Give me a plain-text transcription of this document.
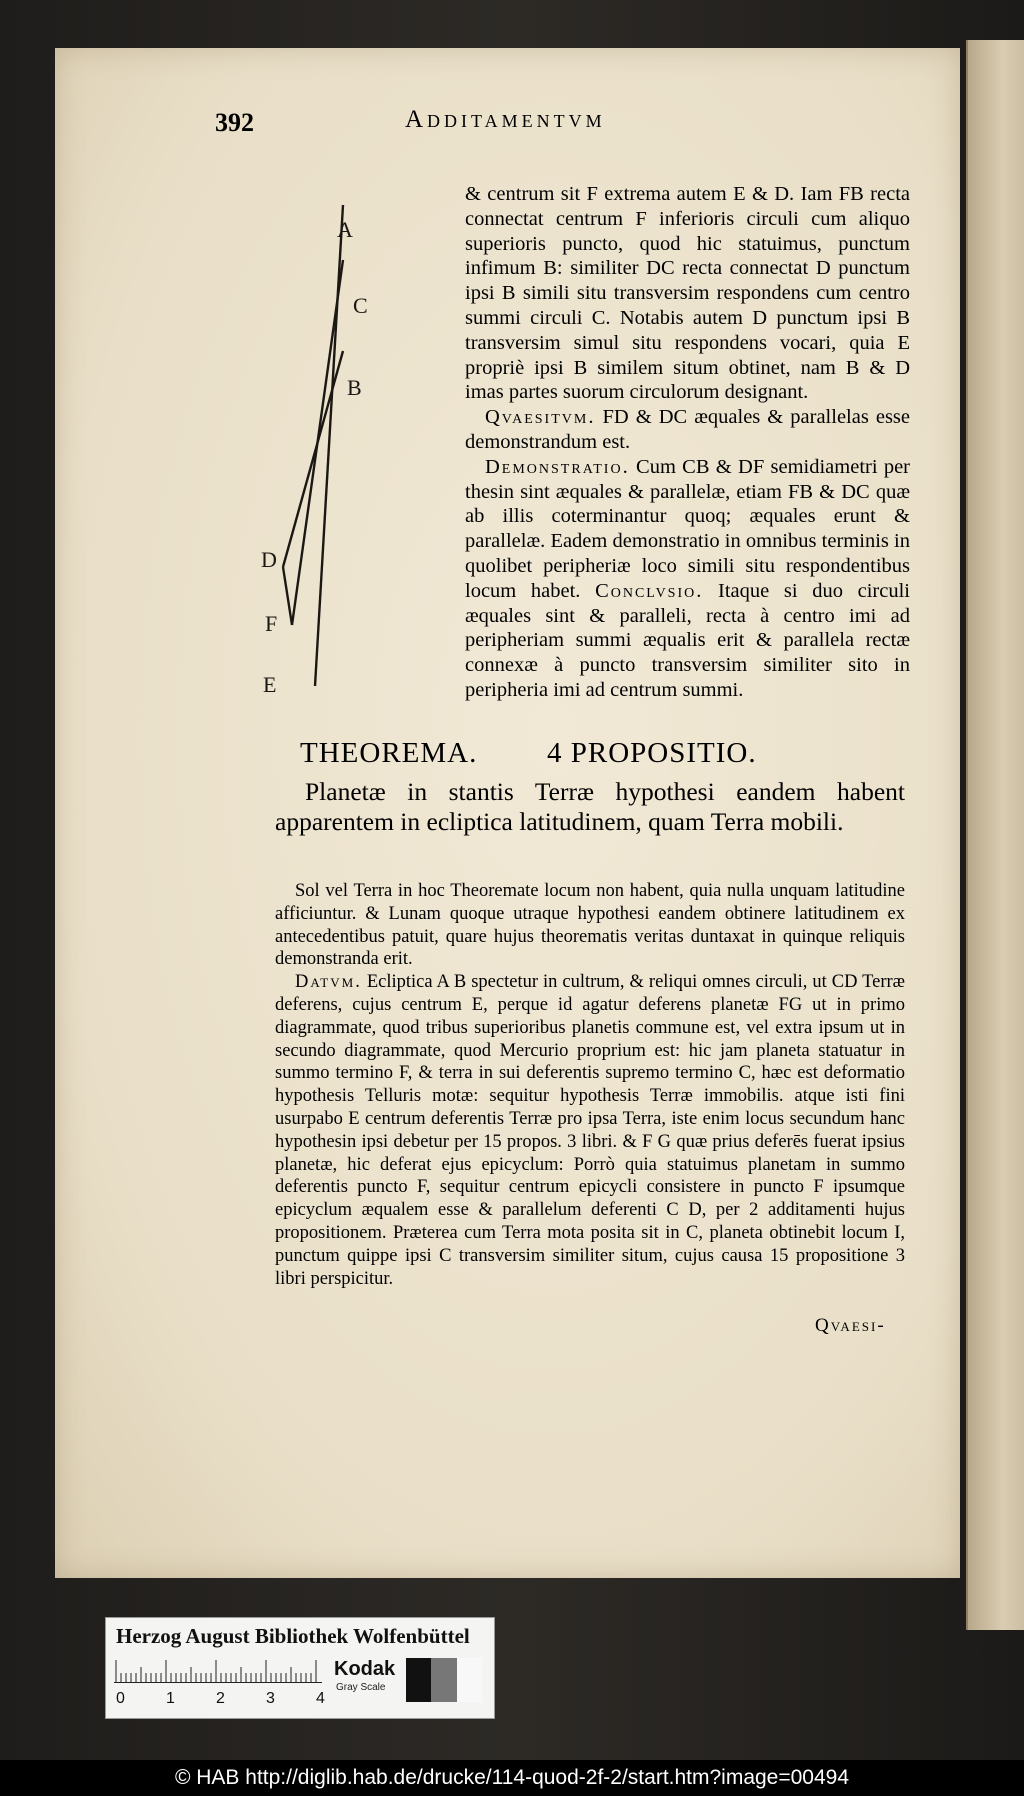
392	Additamentvm
A
C
B
D
F
E

& centrum sit F extrema autem E & D. Iam FB recta connectat centrum F inferioris circuli cum aliquo superioris puncto, quod hic statuimus, punctum infimum B: similiter DC recta connectat D punctum ipsi B simili situ transversim respondens cum centro summi circuli C. Notabis autem D punctum ipsi B transversim simul situ respondens vocari, quia E propriè ipsi B similem situm obtinet, nam B & D imas partes suorum circulorum designant.

Qvaesitvm. FD & DC æquales & parallelas esse demonstrandum est.

Demonstratio. Cum CB & DF semidiametri per thesin sint æquales & parallelæ, etiam FB & DC quæ ab illis coterminantur quoq; æquales erunt & parallelæ. Eadem demonstratio in omnibus terminis in quolibet peripheriæ loco simili situ respondentibus locum habet. Conclvsio. Itaque si duo circuli æquales sint & paralleli, recta à centro imi ad peripheriam summi æqualis erit & parallela rectæ connexæ à puncto transversim similiter sito in peripheria imi ad centrum summi.

THEOREMA. 4 PROPOSITIO.
Planetæ in stantis Terræ hypothesi eandem habent apparentem in ecliptica latitudinem, quam Terra mobili.

Sol vel Terra in hoc Theoremate locum non habent, quia nulla unquam latitudine afficiuntur. & Lunam quoque utraque hypothesi eandem obtinere latitudinem ex antecedentibus patuit, quare hujus theorematis veritas duntaxat in quinque reliquis demonstranda erit.

Datvm. Ecliptica A B spectetur in cultrum, & reliqui omnes circuli, ut CD Terræ deferens, cujus centrum E, perque id agatur deferens planetæ FG ut in primo diagrammate, quod tribus superioribus planetis commune est, vel extra ipsum ut in secundo diagrammate, quod Mercurio proprium est: hic jam planeta statuatur in summo termino F, & terra in sui deferentis supremo termino C, hæc est deformatio hypothesis Telluris motæ: sequitur hypothesis Terræ immobilis. atque isti fini usurpabo E centrum deferentis Terræ pro ipsa Terra, iste enim locus secundum hanc hypothesin ipsi debetur per 15 propos. 3 libri. & F G quæ prius deferēs fuerat ipsius planetæ, hic deferat ejus epicyclum: Porrò quia statuimus planetam in summo deferentis puncto F, sequitur centrum epicycli consistere in puncto F ipsumque epicyclum æqualem esse & parallelum deferenti C D, per 2 additamenti hujus propositionem. Præterea cum Terra mota posita sit in C, planeta obtinebit locum I, punctum quippe ipsi C transversim similiter situm, cujus causa 15 propositione 3 libri perspicitur.

Qvaesi-
Herzog August Bibliothek Wolfenbüttel
0	1	2	3	4
Kodak
Gray Scale
© HAB http://diglib.hab.de/drucke/114-quod-2f-2/start.htm?image=00494
